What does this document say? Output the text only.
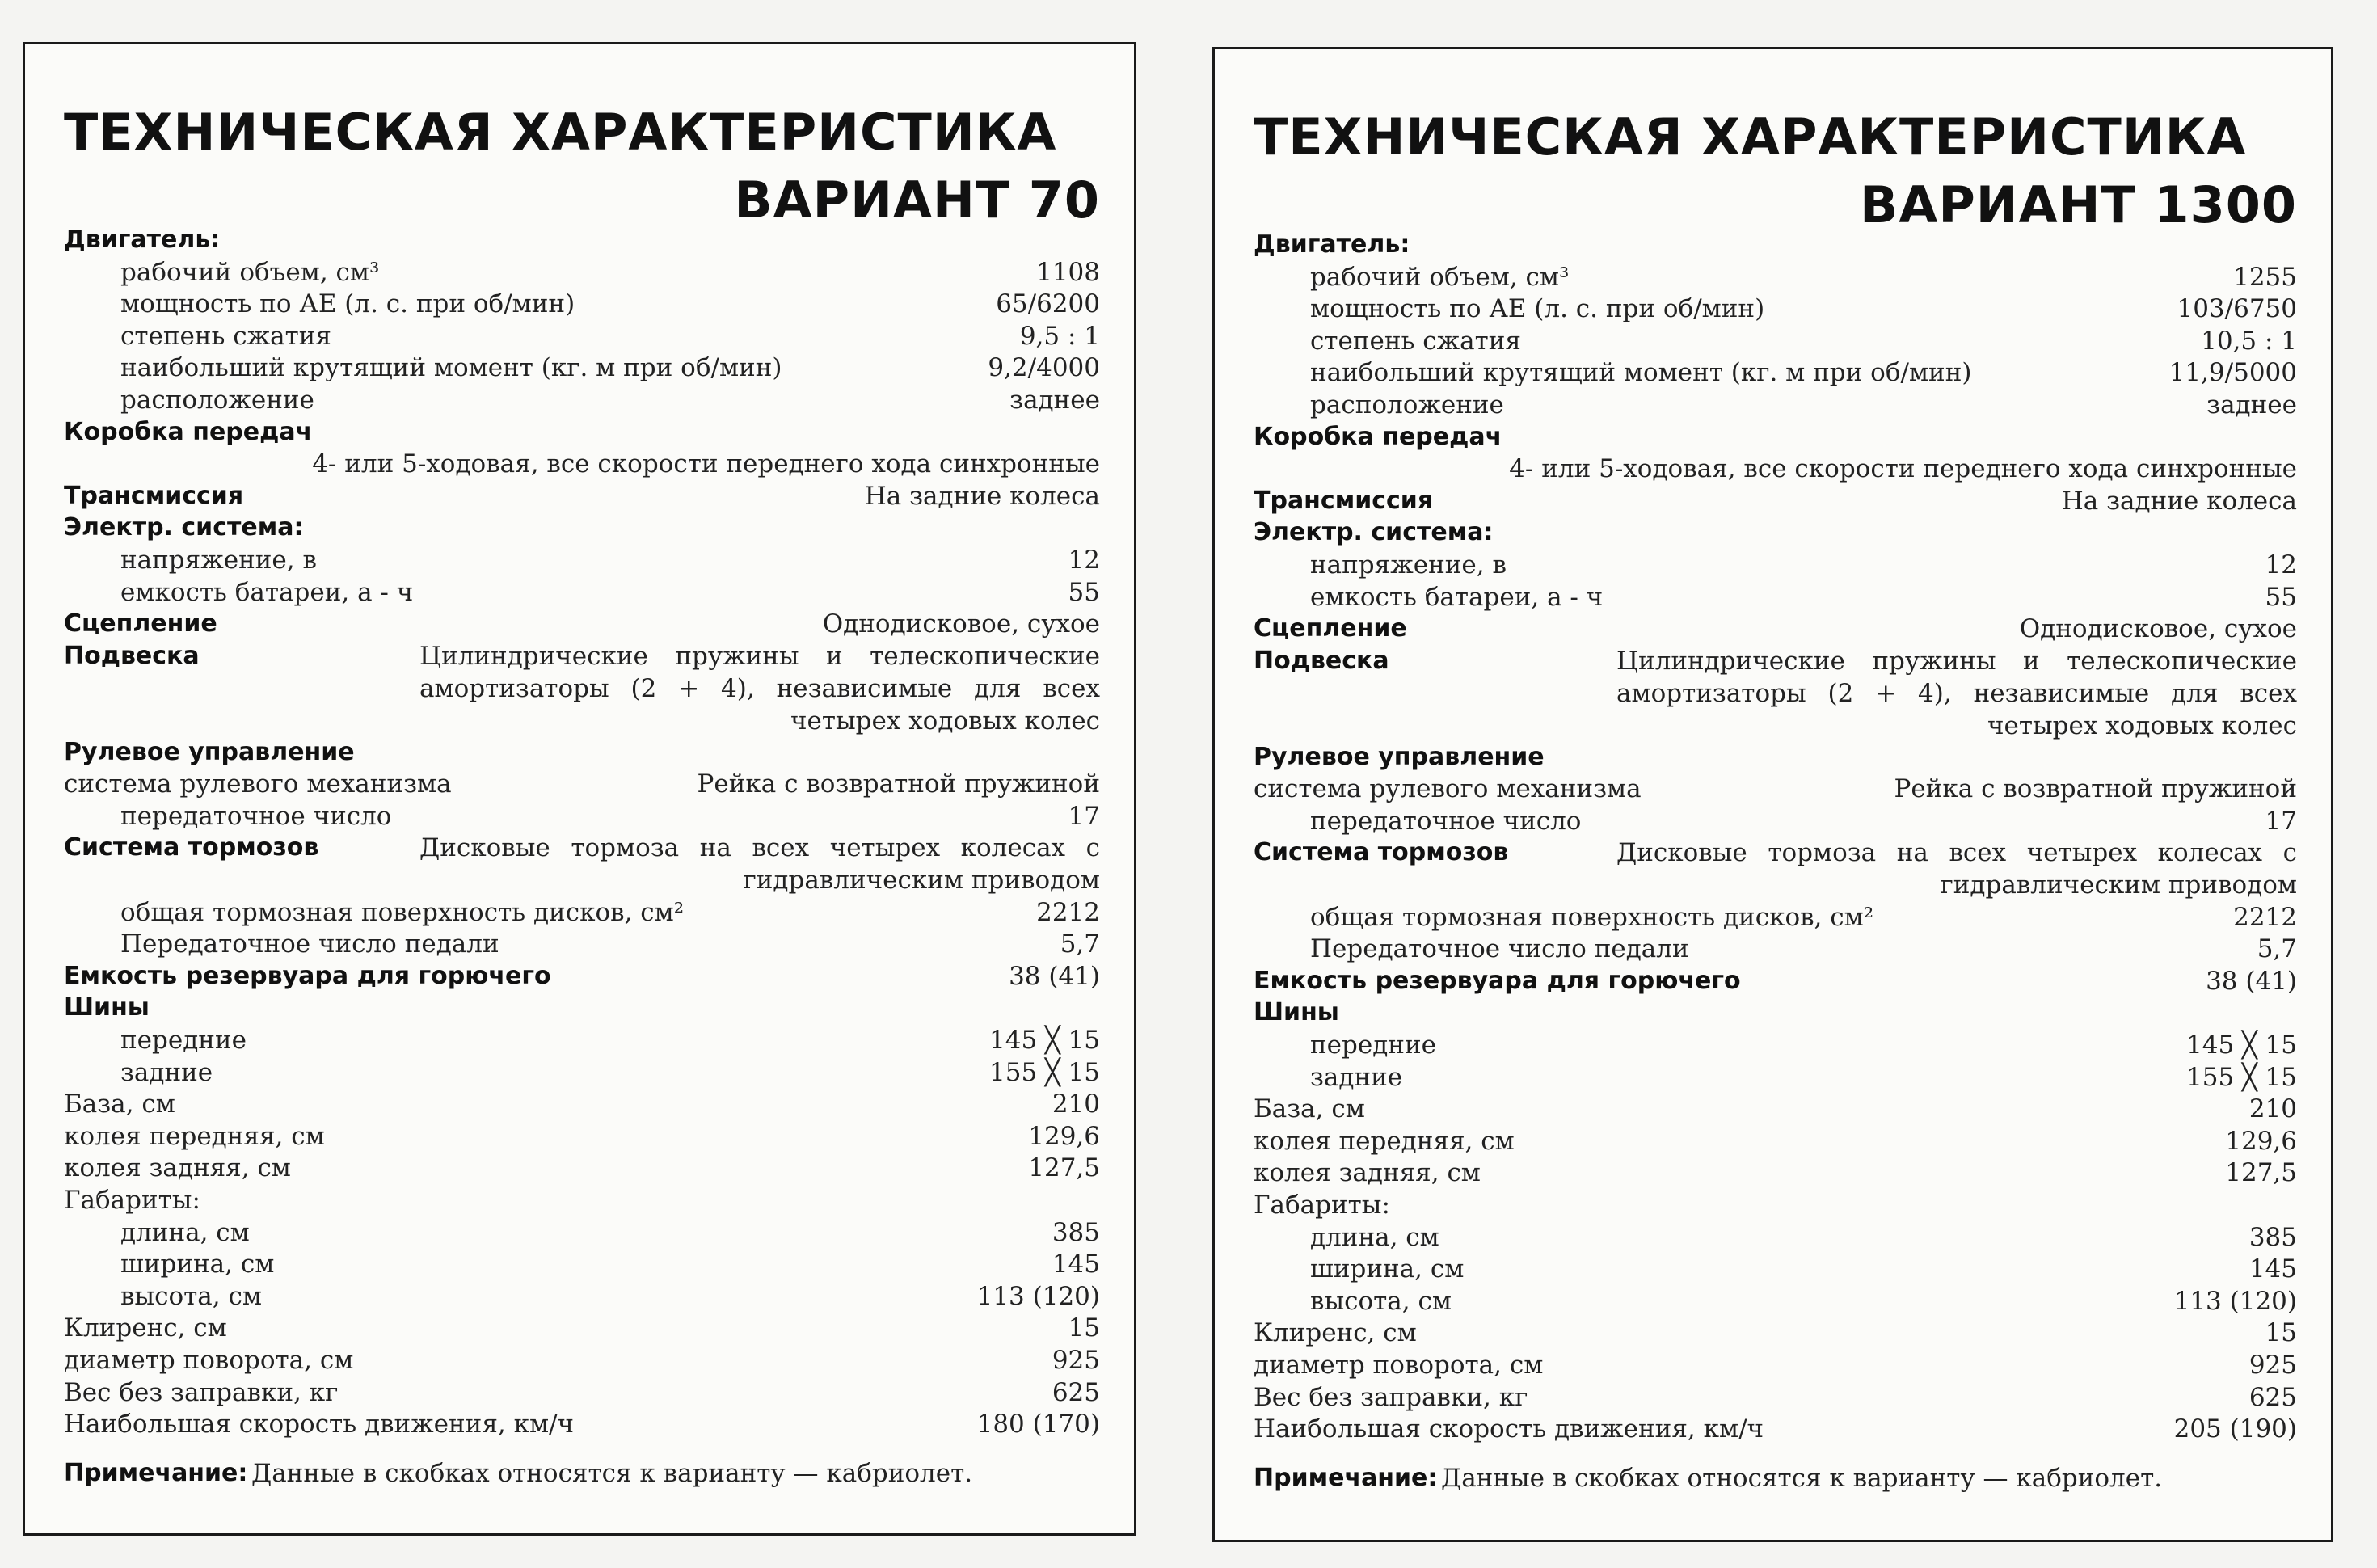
ТЕХНИЧЕСКАЯ ХАРАКТЕРИСТИКА
ВАРИАНТ 70
Двигатель:
рабочий объем, см³	1108
мощность по АЕ (л. с. при об/мин)	65/6200
степень сжатия	9,5 : 1
наибольший крутящий момент (кг. м при об/мин)	9,2/4000
расположение	заднее
Коробка передач
4- или 5-ходовая, все скорости переднего хода синхронные
Трансмиссия	На задние колеса
Электр. система:
напряжение, в	12
емкость батареи, а - ч	55
Сцепление	Однодисковое, сухое
Подвеска	Цилиндрические пружины и телескопические амортизаторы (2 + 4), независимые для всех четырех ходовых колес
Рулевое управление
система рулевого механизма	Рейка с возвратной пружиной
передаточное число	17
Система тормозов	Дисковые тормоза на всех четырех колесах с гидравлическим приводом
общая тормозная поверхность дисков, см²	2212
Передаточное число педали	5,7
Емкость резервуара для горючего	38 (41)
Шины
передние	145 ╳ 15
задние	155 ╳ 15
База, см	210
колея передняя, см	129,6
колея задняя, см	127,5
Габариты:
длина, см	385
ширина, см	145
высота, см	113 (120)
Клиренс, см	15
диаметр поворота, см	925
Вес без заправки, кг	625
Наибольшая скорость движения, км/ч	180 (170)
Примечание: Данные в скобках относятся к варианту — кабриолет.
ТЕХНИЧЕСКАЯ ХАРАКТЕРИСТИКА
ВАРИАНТ 1300
Двигатель:
рабочий объем, см³	1255
мощность по АЕ (л. с. при об/мин)	103/6750
степень сжатия	10,5 : 1
наибольший крутящий момент (кг. м при об/мин)	11,9/5000
расположение	заднее
Коробка передач
4- или 5-ходовая, все скорости переднего хода синхронные
Трансмиссия	На задние колеса
Электр. система:
напряжение, в	12
емкость батареи, а - ч	55
Сцепление	Однодисковое, сухое
Подвеска	Цилиндрические пружины и телескопические амортизаторы (2 + 4), независимые для всех четырех ходовых колес
Рулевое управление
система рулевого механизма	Рейка с возвратной пружиной
передаточное число	17
Система тормозов	Дисковые тормоза на всех четырех колесах с гидравлическим приводом
общая тормозная поверхность дисков, см²	2212
Передаточное число педали	5,7
Емкость резервуара для горючего	38 (41)
Шины
передние	145 ╳ 15
задние	155 ╳ 15
База, см	210
колея передняя, см	129,6
колея задняя, см	127,5
Габариты:
длина, см	385
ширина, см	145
высота, см	113 (120)
Клиренс, см	15
диаметр поворота, см	925
Вес без заправки, кг	625
Наибольшая скорость движения, км/ч	205 (190)
Примечание: Данные в скобках относятся к варианту — кабриолет.
